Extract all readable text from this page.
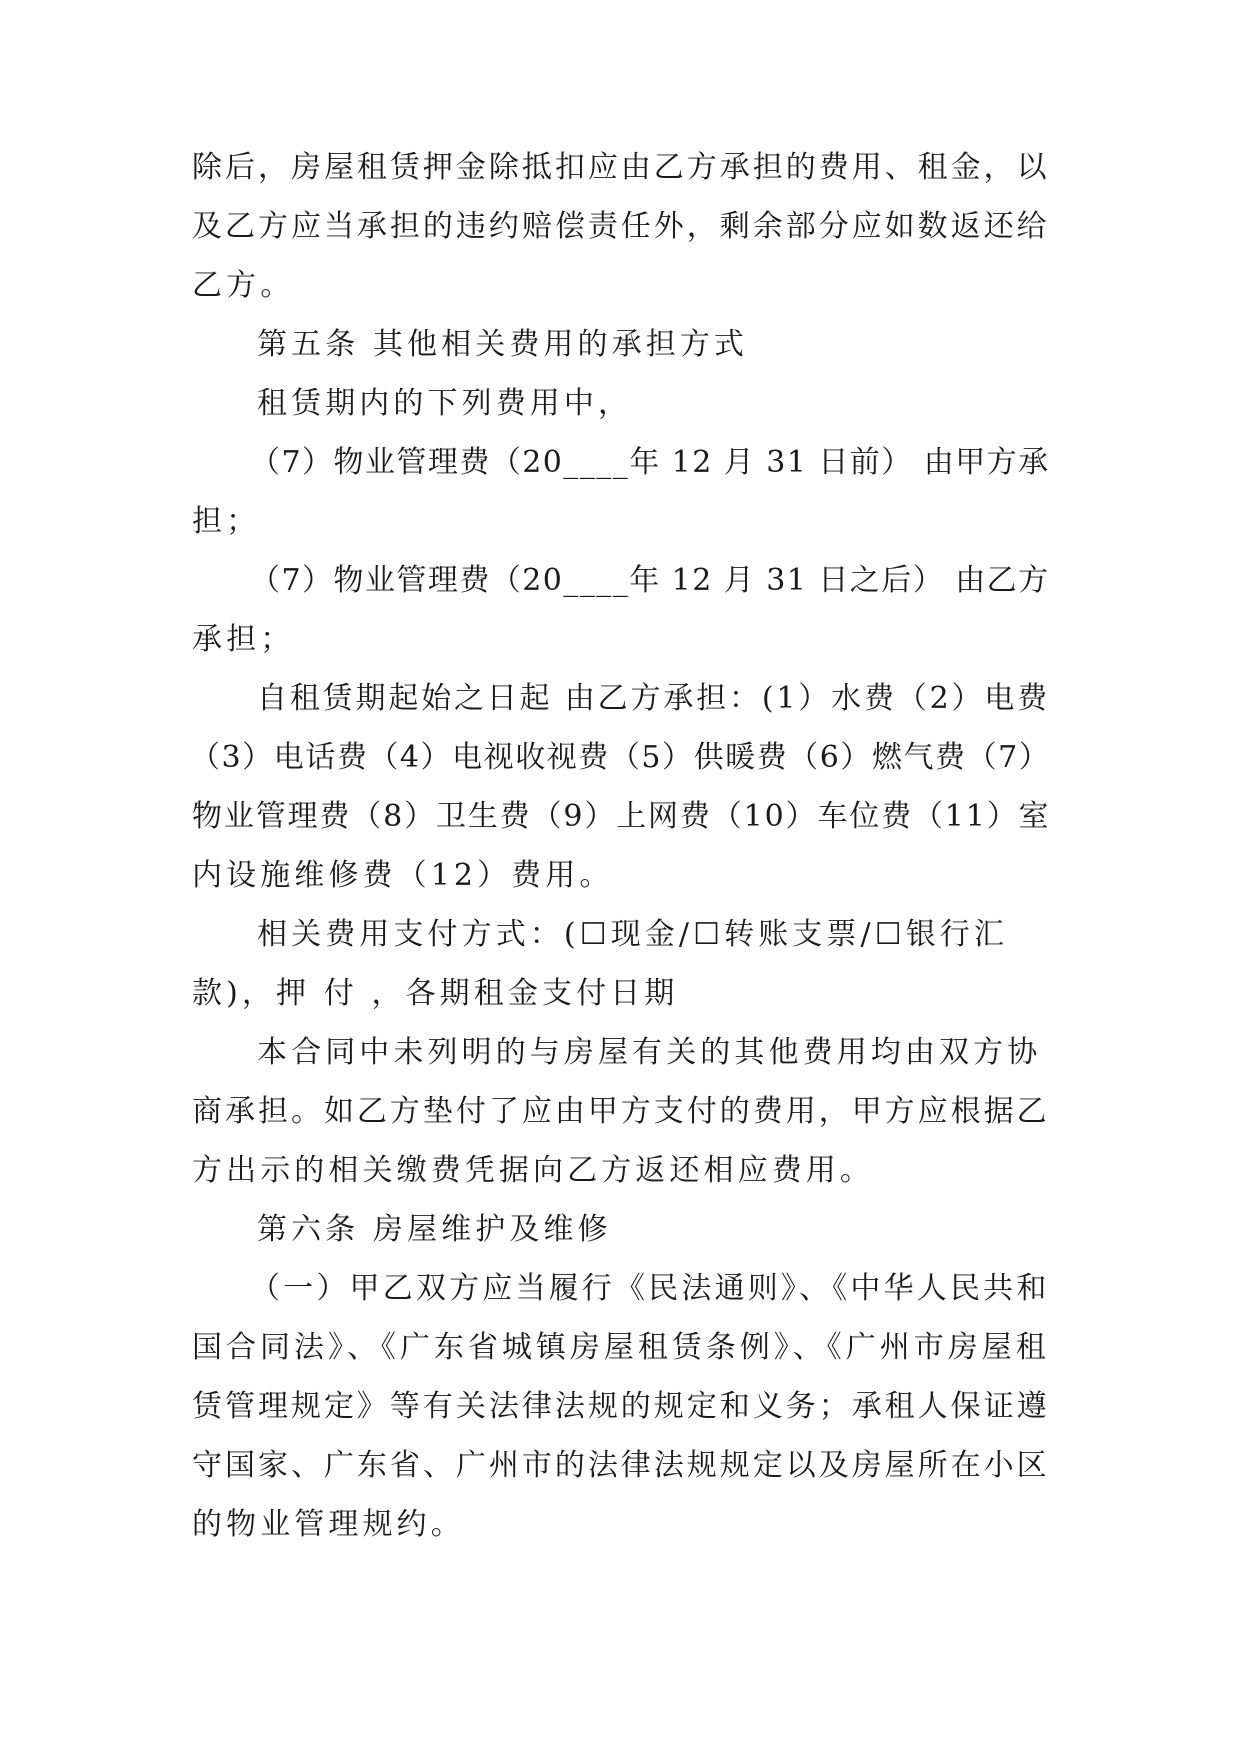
除后，房屋租赁押金除抵扣应由乙方承担的费用、租金，以
及乙方应当承担的违约赔偿责任外，剩余部分应如数返还给
乙方。
第五条 其他相关费用的承担方式
租赁期内的下列费用中，
（7）物业管理费（20____年 12 月 31 日前） 由甲方承
担；
（7）物业管理费（20____年 12 月 31 日之后） 由乙方
承担；
自租赁期起始之日起 由乙方承担：(1）水费（2）电费
（3）电话费（4）电视收视费（5）供暖费（6）燃气费（7）
物业管理费（8）卫生费（9）上网费（10）车位费（11）室
内设施维修费（12）费用。
相关费用支付方式：(☐现金/☐转账支票/☐银行汇
款)，押 付 ，各期租金支付日期
本合同中未列明的与房屋有关的其他费用均由双方协
商承担。如乙方垫付了应由甲方支付的费用，甲方应根据乙
方出示的相关缴费凭据向乙方返还相应费用。
第六条 房屋维护及维修
（一）甲乙双方应当履行《民法通则》、《中华人民共和
国合同法》、《广东省城镇房屋租赁条例》、《广州市房屋租
赁管理规定》等有关法律法规的规定和义务；承租人保证遵
守国家、广东省、广州市的法律法规规定以及房屋所在小区
的物业管理规约。
